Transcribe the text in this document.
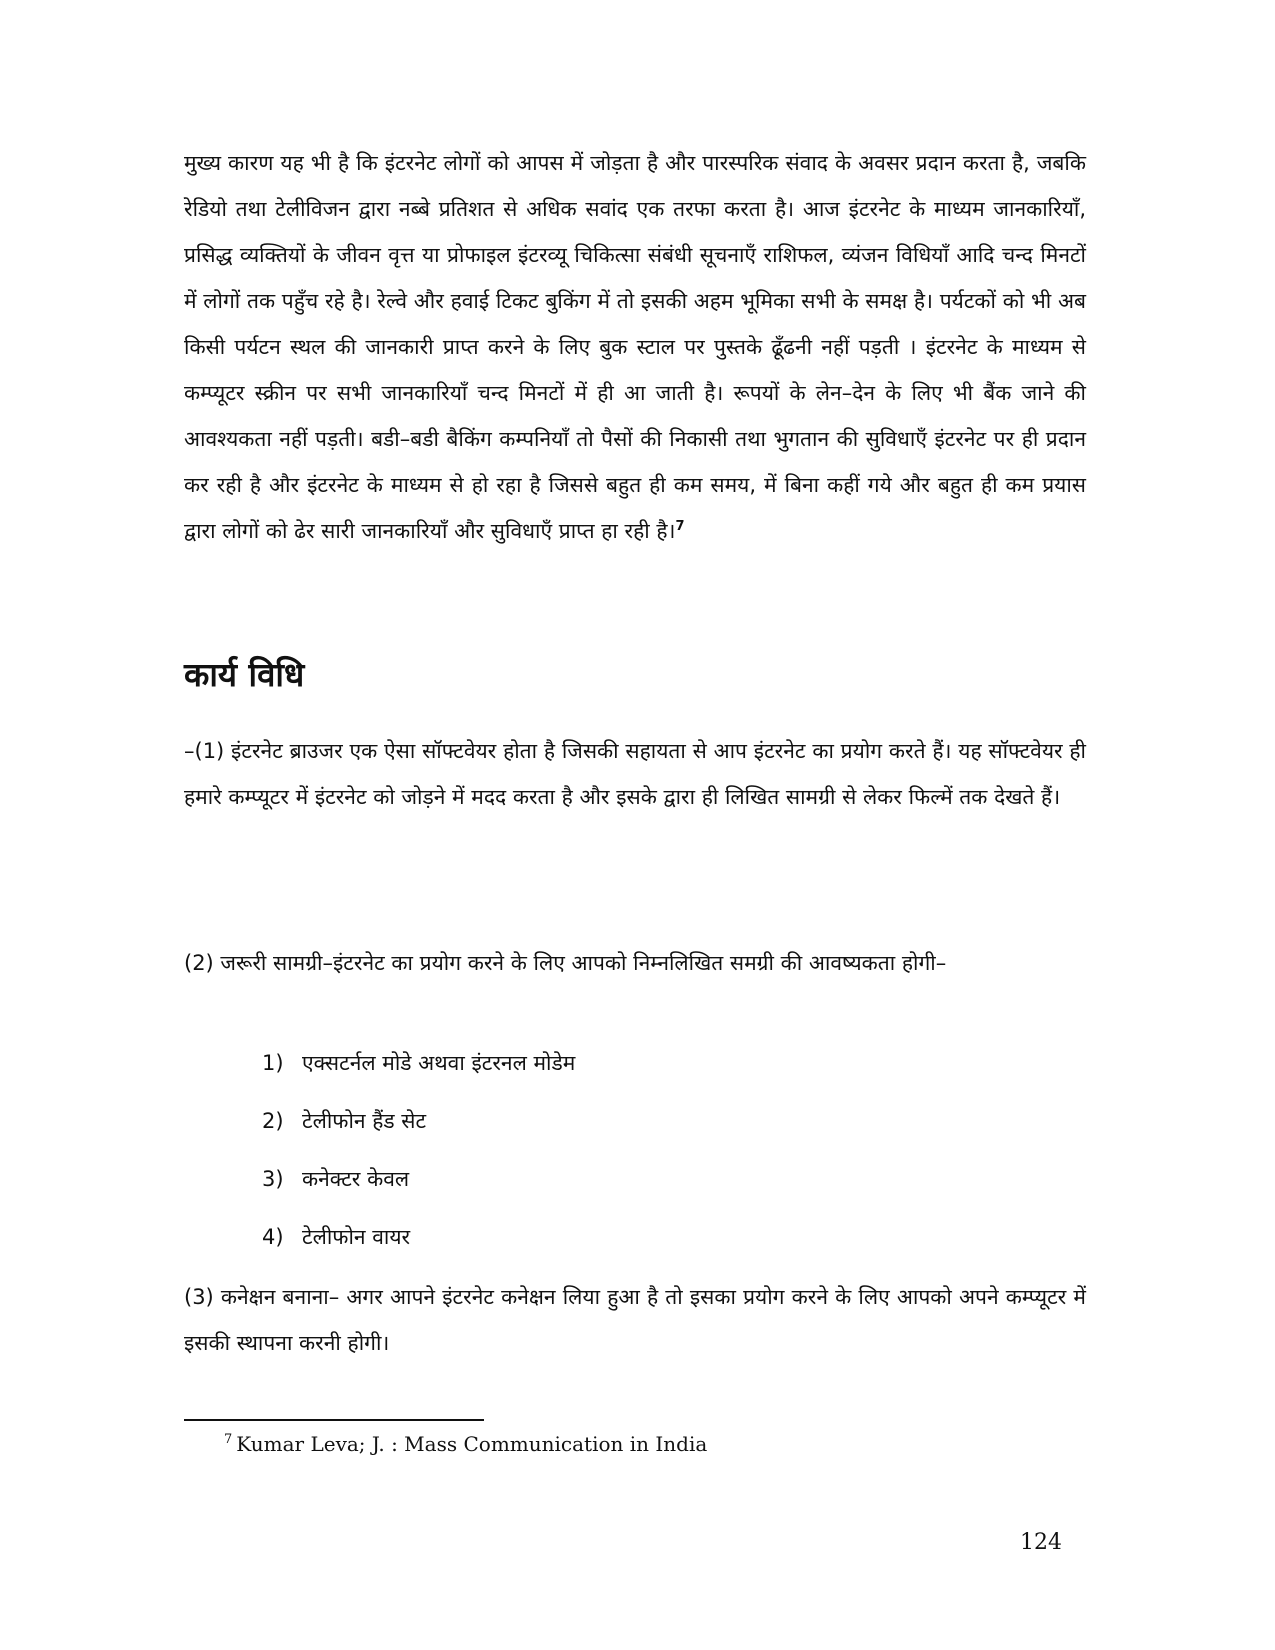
मुख्य कारण यह भी है कि इंटरनेट लोगों को आपस में जोड़ता है और पारस्परिक संवाद के अवसर प्रदान करता है, जबकि रेडियो तथा टेलीविजन द्वारा नब्बे प्रतिशत से अधिक सवांद एक तरफा करता है। आज इंटरनेट के माध्यम जानकारियाँ, प्रसिद्ध व्यक्तियों के जीवन वृत्त या प्रोफाइल इंटरव्यू चिकित्सा संबंधी सूचनाएँ राशिफल, व्यंजन विधियाँ आदि चन्द मिनटों में लोगों तक पहुँच रहे है। रेल्वे और हवाई टिकट बुकिंग में तो इसकी अहम भूमिका सभी के समक्ष है। पर्यटकों को भी अब किसी पर्यटन स्थल की जानकारी प्राप्त करने के लिए बुक स्टाल पर पुस्तके ढूँढनी नहीं पड़ती । इंटरनेट के माध्यम से कम्प्यूटर स्क्रीन पर सभी जानकारियाँ चन्द मिनटों में ही आ जाती है। रूपयों के लेन–देन के लिए भी बैंक जाने की आवश्यकता नहीं पड़ती। बडी–बडी बैकिंग कम्पनियाँ तो पैसों की निकासी तथा भुगतान की सुविधाएँ इंटरनेट पर ही प्रदान कर रही है और इंटरनेट के माध्यम से हो रहा है जिससे बहुत ही कम समय, में बिना कहीं गये और बहुत ही कम प्रयास द्वारा लोगों को ढेर सारी जानकारियाँ और सुविधाएँ प्राप्त हा रही है।$^7$

कार्य विधि

–(1) इंटरनेट ब्राउजर एक ऐसा सॉफ्टवेयर होता है जिसकी सहायता से आप इंटरनेट का प्रयोग करते हैं। यह सॉफ्टवेयर ही हमारे कम्प्यूटर में इंटरनेट को जोड़ने में मदद करता है और इसके द्वारा ही लिखित सामग्री से लेकर फिल्में तक देखते हैं।

(2) जरूरी सामग्री–इंटरनेट का प्रयोग करने के लिए आपको निम्नलिखित समग्री की आवष्यकता होगी–

1) एक्सटर्नल मोडे अथवा इंटरनल मोडेम
2) टेलीफोन हैंड सेट
3) कनेक्टर केवल
4) टेलीफोन वायर

(3) कनेक्षन बनाना– अगर आपने इंटरनेट कनेक्षन लिया हुआ है तो इसका प्रयोग करने के लिए आपको अपने कम्प्यूटर में इसकी स्थापना करनी होगी।

$^7$ Kumar Leva; J. : Mass Communication in India
124
